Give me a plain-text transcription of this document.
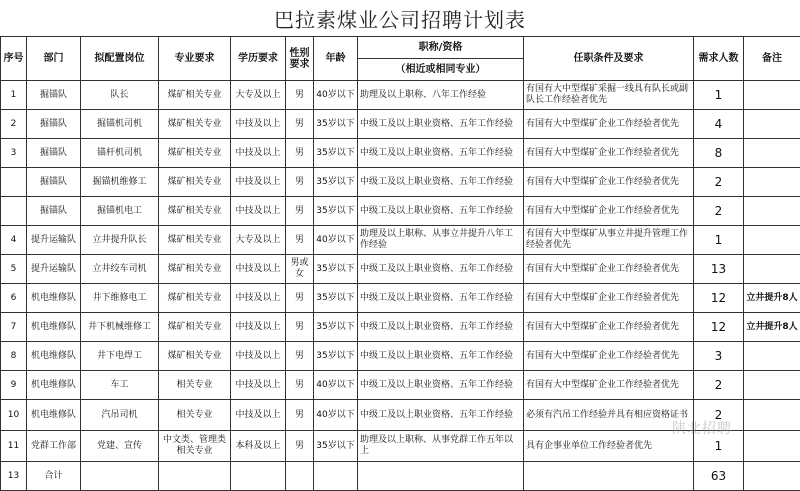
巴拉素煤业公司招聘计划表
序号	部门	拟配置岗位	专业要求	学历要求	性别要求	年龄	职称/资格	任职条件及要求	需求人数	备注
							（相近或相同专业）			
1	掘锚队	队长	煤矿相关专业	大专及以上	男	40岁以下	助理及以上职称、八年工作经验	有国有大中型煤矿采掘一线具有队长或副队长工作经验者优先	1	
2	掘锚队	掘锚机司机	煤矿相关专业	中技及以上	男	35岁以下	中级工及以上职业资格、五年工作经验	有国有大中型煤矿企业工作经验者优先	4	
3	掘锚队	锚杆机司机	煤矿相关专业	中技及以上	男	35岁以下	中级工及以上职业资格、五年工作经验	有国有大中型煤矿企业工作经验者优先	8	
	掘锚队	掘锚机维修工	煤矿相关专业	中技及以上	男	35岁以下	中级工及以上职业资格、五年工作经验	有国有大中型煤矿企业工作经验者优先	2	
	掘锚队	掘锚机电工	煤矿相关专业	中技及以上	男	35岁以下	中级工及以上职业资格、五年工作经验	有国有大中型煤矿企业工作经验者优先	2	
4	提升运输队	立井提升队长	煤矿相关专业	大专及以上	男	40岁以下	助理及以上职称、从事立井提升八年工作经验	有国有大中型煤矿从事立井提升管理工作经验者优先	1	
5	提升运输队	立井绞车司机	煤矿相关专业	中技及以上	男或女	35岁以下	中级工及以上职业资格、五年工作经验	有国有大中型煤矿企业工作经验者优先	13	
6	机电维修队	井下维修电工	煤矿相关专业	中技及以上	男	35岁以下	中级工及以上职业资格、五年工作经验	有国有大中型煤矿企业工作经验者优先	12	立井提升8人
7	机电维修队	井下机械维修工	煤矿相关专业	中技及以上	男	35岁以下	中级工及以上职业资格、五年工作经验	有国有大中型煤矿企业工作经验者优先	12	立井提升8人
8	机电维修队	井下电焊工	煤矿相关专业	中技及以上	男	35岁以下	中级工及以上职业资格、五年工作经验	有国有大中型煤矿企业工作经验者优先	3	
9	机电维修队	车工	相关专业	中技及以上	男	40岁以下	中级工及以上职业资格、五年工作经验	有国有大中型煤矿企业工作经验者优先	2	
10	机电维修队	汽吊司机	相关专业	中技及以上	男	40岁以下	中级工及以上职业资格、五年工作经验	必须有汽吊工作经验并具有相应资格证书	2	
11	党群工作部	党建、宣传	中文类、管理类相关专业	本科及以上	男	35岁以下	助理及以上职称、从事党群工作五年以上	具有企事业单位工作经验者优先	1	
13	合计								63	
陕北招聘
